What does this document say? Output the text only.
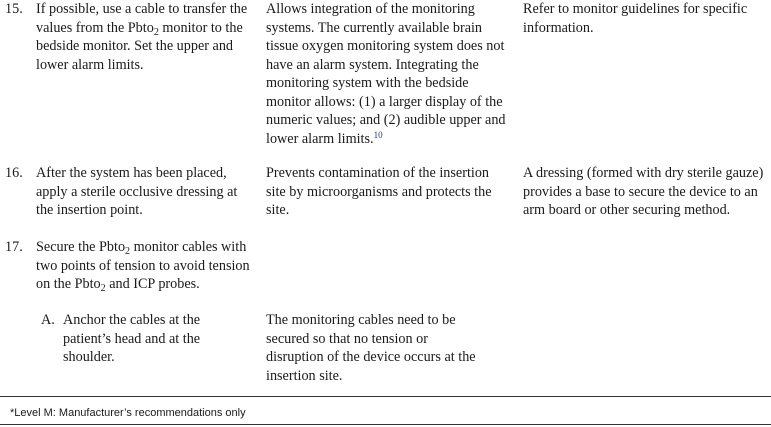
15. If possible, use a cable to transfer the values from the Pbto$_2$ monitor to the bedside monitor. Set the upper and lower alarm limits.
Allows integration of the monitoring systems. The currently available brain tissue oxygen monitoring system does not have an alarm system. Integrating the monitoring system with the bedside monitor allows: (1) a larger display of the numeric values; and (2) audible upper and lower alarm limits.$^{10}$
Refer to monitor guidelines for specific information.
16. After the system has been placed, apply a sterile occlusive dressing at the insertion point.
Prevents contamination of the insertion site by microorganisms and protects the site.
A dressing (formed with dry sterile gauze) provides a base to secure the device to an arm board or other securing method.
17. Secure the Pbto$_2$ monitor cables with two points of tension to avoid tension on the Pbto$_2$ and ICP probes.
A. Anchor the cables at the patient’s head and at the shoulder.
The monitoring cables need to be secured so that no tension or disruption of the device occurs at the insertion site.
*Level M: Manufacturer’s recommendations only
